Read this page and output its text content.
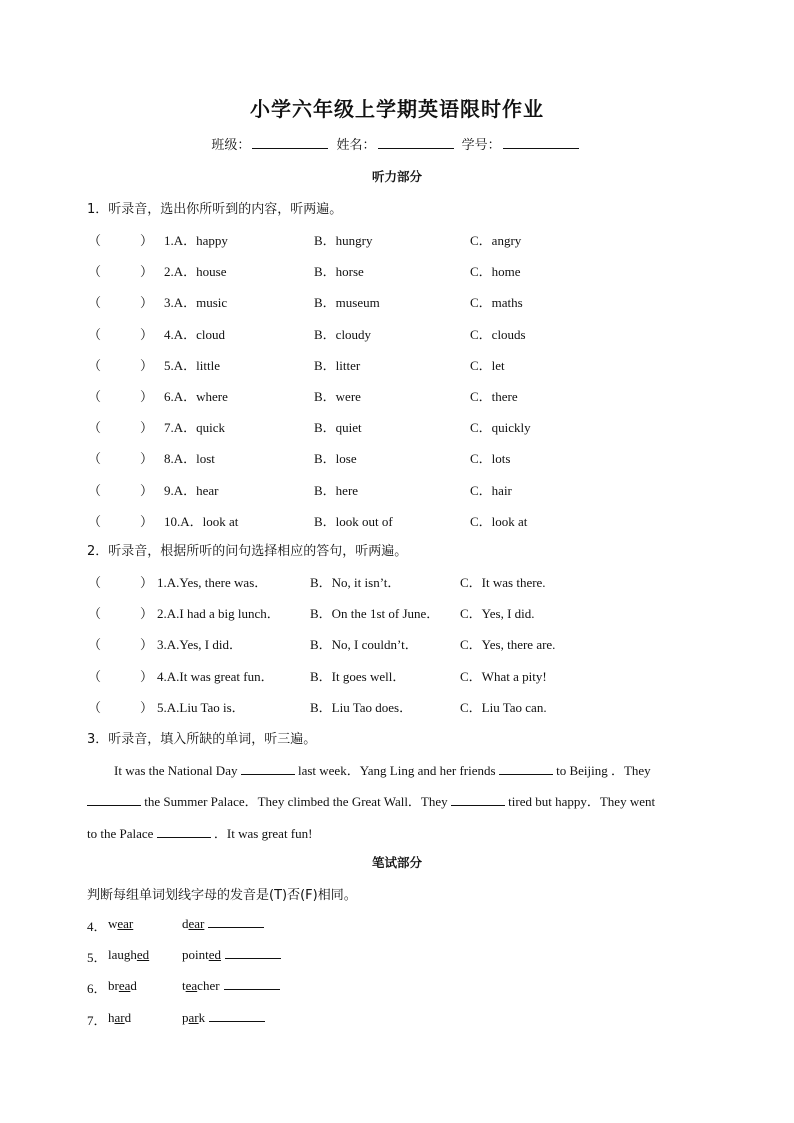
小学六年级上学期英语限时作业
班级：	姓名：	学号：
听力部分
1．听录音，选出你所听到的内容，听两遍。
（	） 1.A．happy	B．hungry	C．angry
（	） 2.A．house	B．horse	C．home
（	） 3.A．music	B．museum	C．maths
（	） 4.A．cloud	B．cloudy	C．clouds
（	） 5.A．little	B．litter	C．let
（	） 6.A．where	B．were	C．there
（	） 7.A．quick	B．quiet	C．quickly
（	） 8.A．lost	B．lose	C．lots
（	） 9.A．hear	B．here	C．hair
（	） 10.A．look at	B．look out of	C．look at
2．听录音，根据所听的问句选择相应的答句，听两遍。
（	） 1.A.Yes, there was．	B．No, it isn’t．	C．It was there.
（	） 2.A.I had a big lunch． B．On the 1st of June． C．Yes, I did.
（	） 3.A.Yes, I did．	B．No, I couldn’t．	C．Yes, there are.
（	） 4.A.It was great fun．	B．It goes well．	C．What a pity!
（	） 5.A.Liu Tao is．	B．Liu Tao does．	C．Liu Tao can.
3．听录音，填入所缺的单词，听三遍。
It was the National Day	last week．Yang Ling and her friends	to Beijing ．They
the Summer Palace．They climbed the Great Wall．They	tired but happy．They went
to the Palace	．It was great fun!
笔试部分
判断每组单词划线字母的发音是(T)否(F)相同。
4． wear	dear
5． laughed	pointed
6． bread	teacher
7． hard	park
